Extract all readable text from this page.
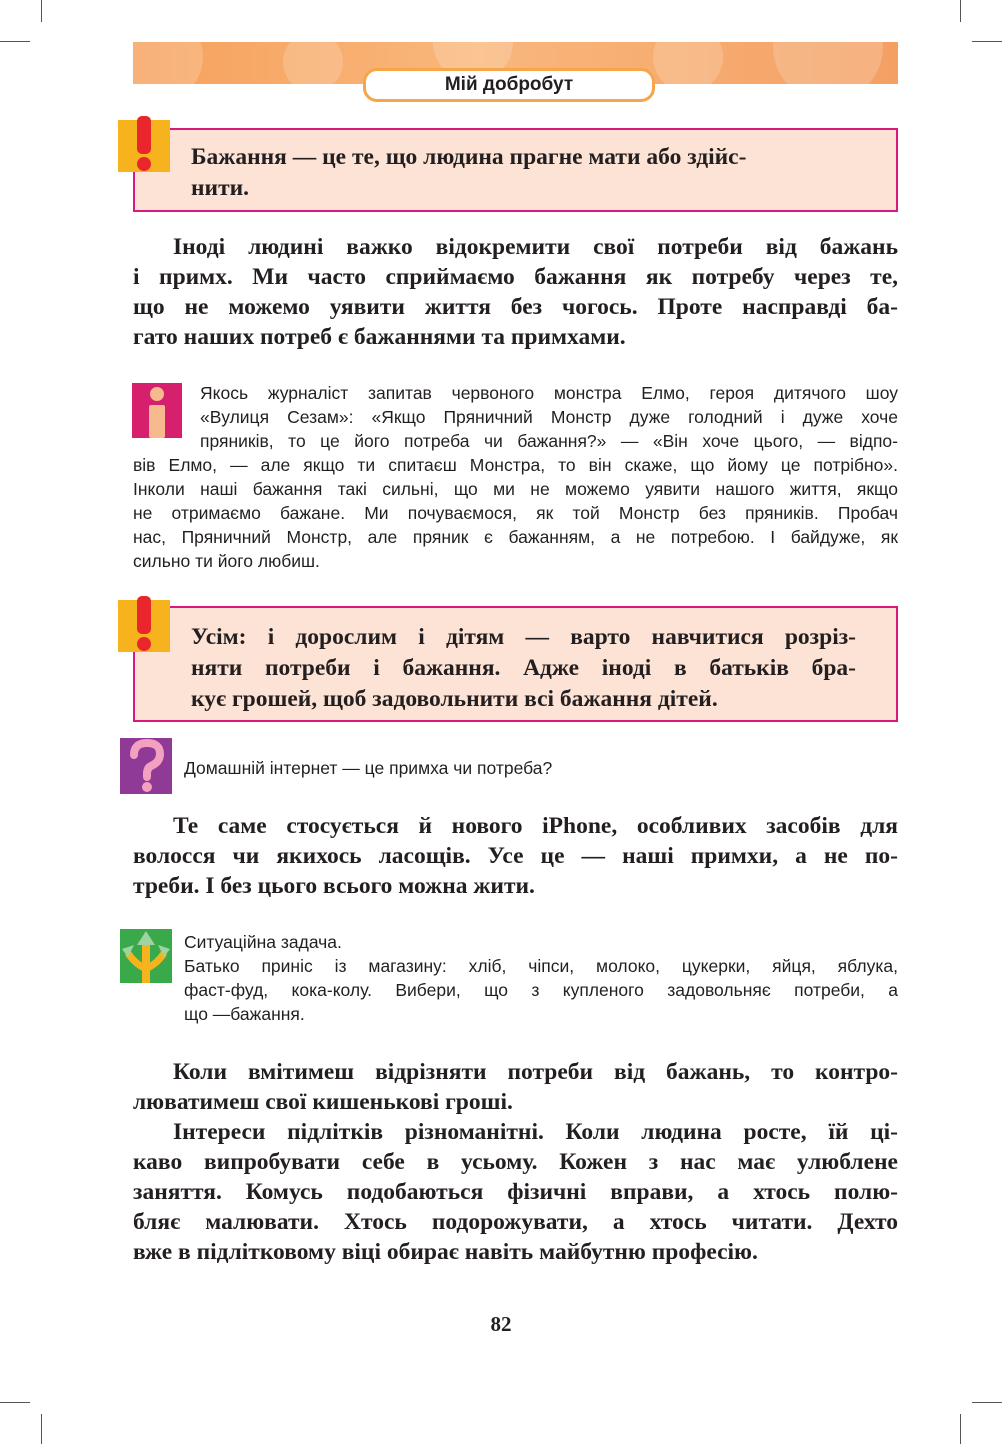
Мій добробут
Бажання — це те, що людина прагне мати або здійс-
нити.
Іноді людині важко відокремити свої потреби від бажань
і примх. Ми часто сприймаємо бажання як потребу через те,
що не можемо уявити життя без чогось. Проте насправді ба-
гато наших потреб є бажаннями та примхами.
Якось журналіст запитав червоного монстра Елмо, героя дитячого шоу
«Вулиця Сезам»: «Якщо Пряничний Монстр дуже голодний і дуже хоче
пряників, то це його потреба чи бажання?» — «Він хоче цього, — відпо-
вів Елмо, — але якщо ти спитаєш Монстра, то він скаже, що йому це потрібно».
Інколи наші бажання такі сильні, що ми не можемо уявити нашого життя, якщо
не отримаємо бажане. Ми почуваємося, як той Монстр без пряників. Пробач
нас, Пряничний Монстр, але пряник є бажанням, а не потребою. І байдуже, як
сильно ти його любиш.
Усім: і дорослим і дітям — варто навчитися розріз-
няти потреби і бажання. Адже іноді в батьків бра-
кує грошей, щоб задовольнити всі бажання дітей.
Домашній інтернет — це примха чи потреба?
Те саме стосується й нового iPhone, особливих засобів для
волосся чи якихось ласощів. Усе це — наші примхи, а не по-
треби. І без цього всього можна жити.
Ситуаційна задача.
Батько приніс із магазину: хліб, чіпси, молоко, цукерки, яйця, яблука,
фаст-фуд, кока-колу. Вибери, що з купленого задовольняє потреби, а
що —бажання.
Коли вмітимеш відрізняти потреби від бажань, то контро-
люватимеш свої кишенькові гроші.
Інтереси підлітків різноманітні. Коли людина росте, їй ці-
каво випробувати себе в усьому. Кожен з нас має улюблене
заняття. Комусь подобаються фізичні вправи, а хтось полю-
бляє малювати. Хтось подорожувати, а хтось читати. Дехто
вже в підлітковому віці обирає навіть майбутню професію.
82
